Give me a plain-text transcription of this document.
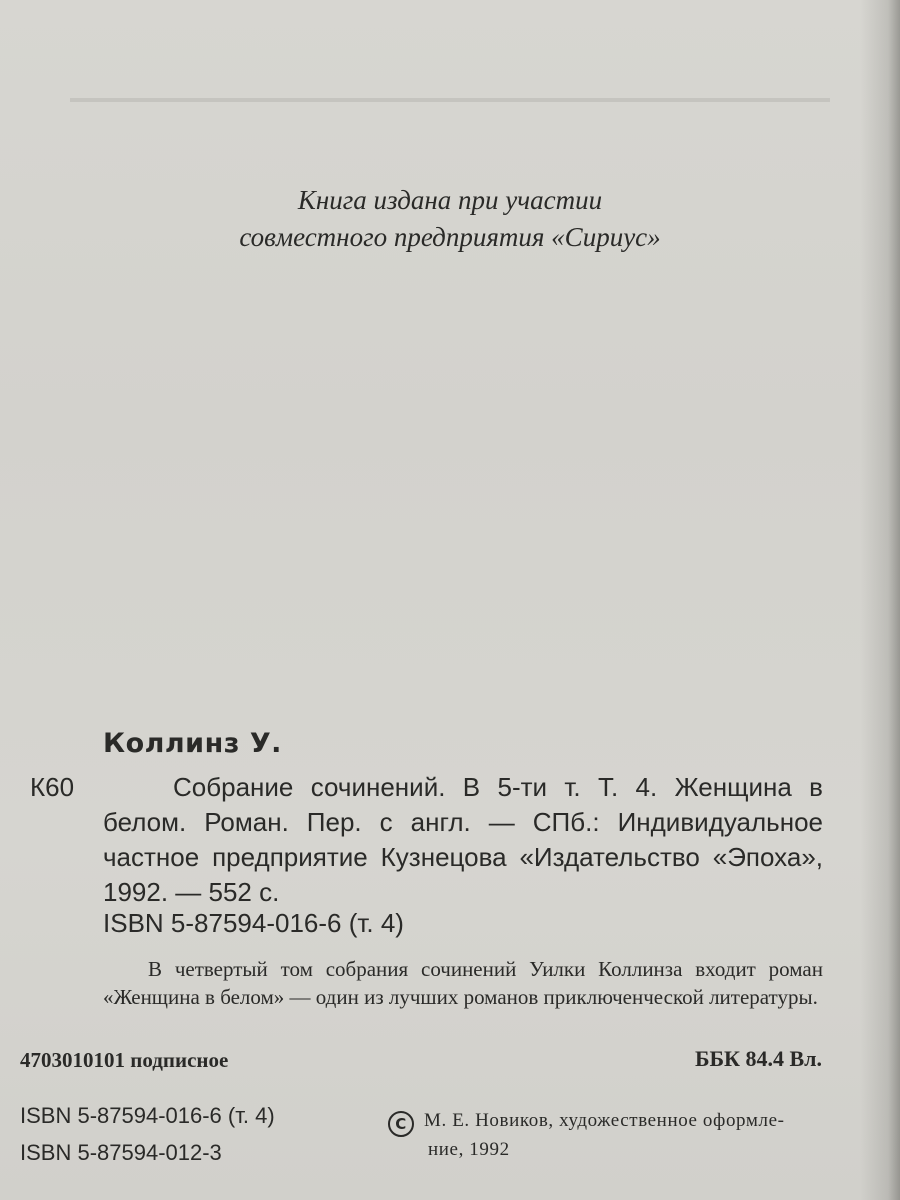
Книга издана при участии
совместного предприятия «Сириус»
Коллинз У.
К60	Собрание сочинений. В 5-ти т. Т. 4. Женщина в белом. Роман. Пер. с англ. — СПб.: Индивидуальное частное предприятие Кузнецова «Издательство «Эпоха», 1992. — 552 с.
ISBN 5-87594-016-6 (т. 4)
В четвертый том собрания сочинений Уилки Коллинза входит роман «Женщина в белом» — один из лучших романов приключенческой литературы.
4703010101 подписное	ББК 84.4 Вл.
ISBN 5-87594-016-6 (т. 4)
ISBN 5-87594-012-3
CМ. Е. Новиков, художественное оформле-
ние, 1992
